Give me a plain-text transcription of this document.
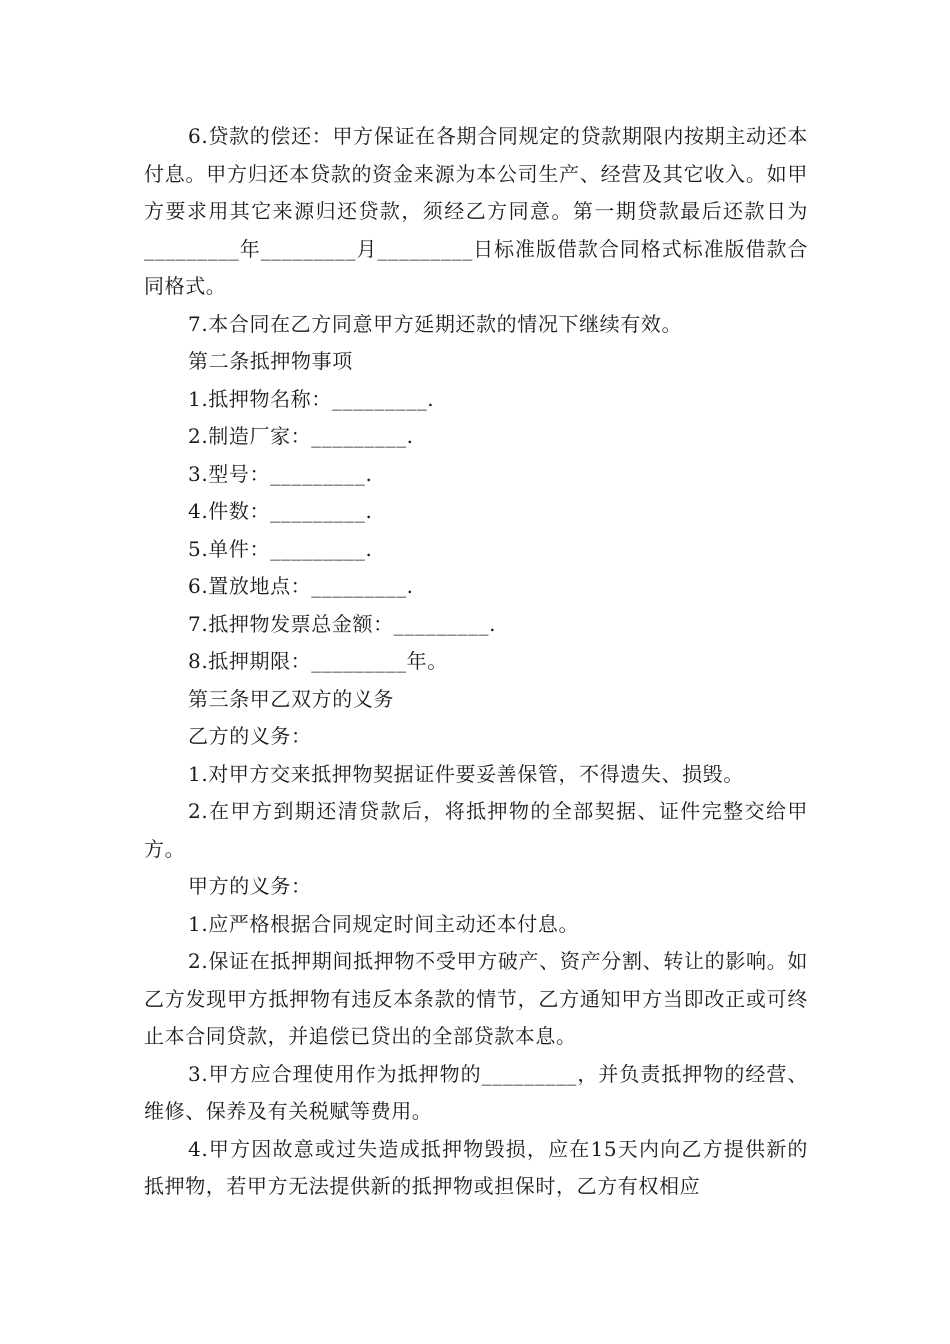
6.贷款的偿还：甲方保证在各期合同规定的贷款期限内按期主动还本付息。甲方归还本贷款的资金来源为本公司生产、经营及其它收入。如甲方要求用其它来源归还贷款，须经乙方同意。第一期贷款最后还款日为_________年_________月_________日标准版借款合同格式标准版借款合同格式。

7.本合同在乙方同意甲方延期还款的情况下继续有效。

第二条抵押物事项

1.抵押物名称：_________.

2.制造厂家：_________.

3.型号：_________.

4.件数：_________.

5.单件：_________.

6.置放地点：_________.

7.抵押物发票总金额：_________.

8.抵押期限：_________年。

第三条甲乙双方的义务

乙方的义务：

1.对甲方交来抵押物契据证件要妥善保管，不得遗失、损毁。

2.在甲方到期还清贷款后，将抵押物的全部契据、证件完整交给甲方。

甲方的义务：

1.应严格根据合同规定时间主动还本付息。

2.保证在抵押期间抵押物不受甲方破产、资产分割、转让的影响。如乙方发现甲方抵押物有违反本条款的情节，乙方通知甲方当即改正或可终止本合同贷款，并追偿已贷出的全部贷款本息。

3.甲方应合理使用作为抵押物的_________，并负责抵押物的经营、维修、保养及有关税赋等费用。

4.甲方因故意或过失造成抵押物毁损，应在15天内向乙方提供新的抵押物，若甲方无法提供新的抵押物或担保时，乙方有权相应
